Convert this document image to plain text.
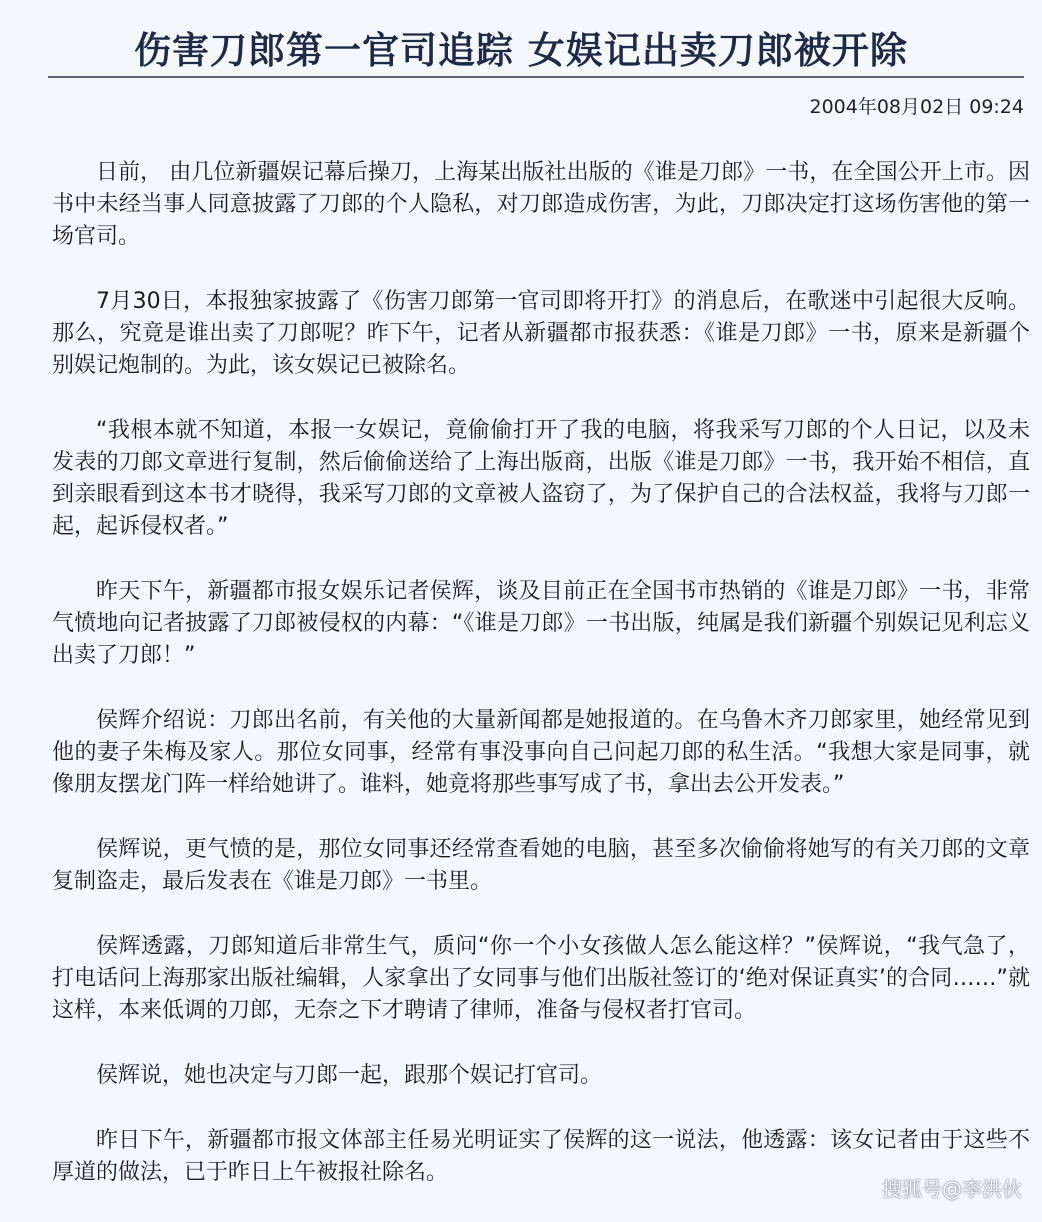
伤害刀郎第一官司追踪 女娱记出卖刀郎被开除
2004年08月02日 09:24

日前， 由几位新疆娱记幕后操刀，上海某出版社出版的《谁是刀郎》一书，在全国公开上市。因书中未经当事人同意披露了刀郎的个人隐私，对刀郎造成伤害，为此，刀郎决定打这场伤害他的第一场官司。

7月30日，本报独家披露了《伤害刀郎第一官司即将开打》的消息后，在歌迷中引起很大反响。那么，究竟是谁出卖了刀郎呢？昨下午，记者从新疆都市报获悉：《谁是刀郎》一书，原来是新疆个别娱记炮制的。为此，该女娱记已被除名。

“我根本就不知道，本报一女娱记，竟偷偷打开了我的电脑，将我采写刀郎的个人日记，以及未发表的刀郎文章进行复制，然后偷偷送给了上海出版商，出版《谁是刀郎》一书，我开始不相信，直到亲眼看到这本书才晓得，我采写刀郎的文章被人盗窃了，为了保护自己的合法权益，我将与刀郎一起，起诉侵权者。”

昨天下午，新疆都市报女娱乐记者侯辉，谈及目前正在全国书市热销的《谁是刀郎》一书，非常气愤地向记者披露了刀郎被侵权的内幕：“《谁是刀郎》一书出版，纯属是我们新疆个别娱记见利忘义出卖了刀郎！”

侯辉介绍说：刀郎出名前，有关他的大量新闻都是她报道的。在乌鲁木齐刀郎家里，她经常见到他的妻子朱梅及家人。那位女同事，经常有事没事向自己问起刀郎的私生活。“我想大家是同事，就像朋友摆龙门阵一样给她讲了。谁料，她竟将那些事写成了书，拿出去公开发表。”

侯辉说，更气愤的是，那位女同事还经常查看她的电脑，甚至多次偷偷将她写的有关刀郎的文章复制盗走，最后发表在《谁是刀郎》一书里。

侯辉透露，刀郎知道后非常生气，质问“你一个小女孩做人怎么能这样？”侯辉说，“我气急了，打电话问上海那家出版社编辑，人家拿出了女同事与他们出版社签订的‘绝对保证真实’的合同……”就这样，本来低调的刀郎，无奈之下才聘请了律师，准备与侵权者打官司。

侯辉说，她也决定与刀郎一起，跟那个娱记打官司。

昨日下午，新疆都市报文体部主任易光明证实了侯辉的这一说法，他透露：该女记者由于这些不厚道的做法，已于昨日上午被报社除名。

搜狐号@李洪伙
